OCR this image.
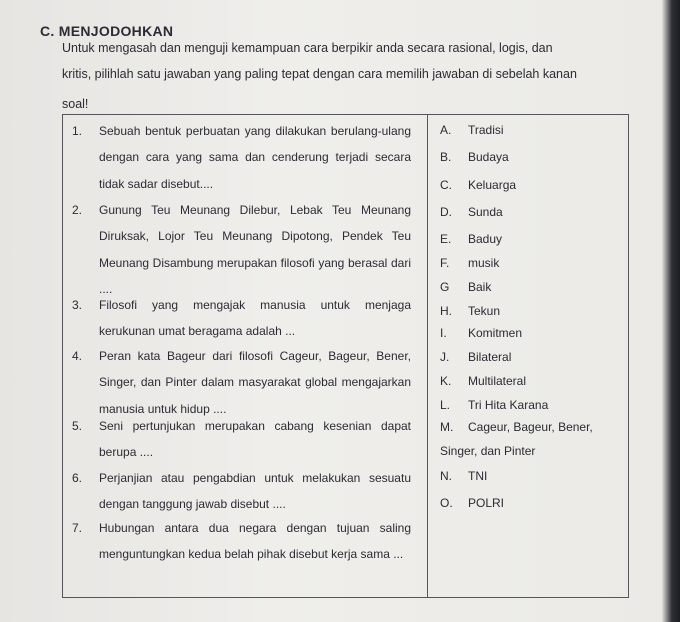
C. MENJODOHKAN
Untuk mengasah dan menguji kemampuan cara berpikir anda secara rasional, logis, dan
kritis, pilihlah satu jawaban yang paling tepat dengan cara memilih jawaban di sebelah kanan
soal!
1. Sebuah bentuk perbuatan yang dilakukan berulang-ulang dengan cara yang sama dan cenderung terjadi secara tidak sadar disebut....
2. Gunung Teu Meunang Dilebur, Lebak Teu Meunang Diruksak, Lojor Teu Meunang Dipotong, Pendek Teu Meunang Disambung merupakan filosofi yang berasal dari ....
3. Filosofi yang mengajak manusia untuk menjaga kerukunan umat beragama adalah ...
4. Peran kata Bageur dari filosofi Cageur, Bageur, Bener, Singer, dan Pinter dalam masyarakat global mengajarkan manusia untuk hidup ....
5. Seni pertunjukan merupakan cabang kesenian dapat berupa ....
6. Perjanjian atau pengabdian untuk melakukan sesuatu dengan tanggung jawab disebut ....
7. Hubungan antara dua negara dengan tujuan saling menguntungkan kedua belah pihak disebut kerja sama ...
A. Tradisi
B. Budaya
C. Keluarga
D. Sunda
E. Baduy
F. musik
G Baik
H. Tekun
I. Komitmen
J. Bilateral
K. Multilateral
L. Tri Hita Karana
M. Cageur, Bageur, Bener, Singer, dan Pinter
N. TNI
O. POLRI
